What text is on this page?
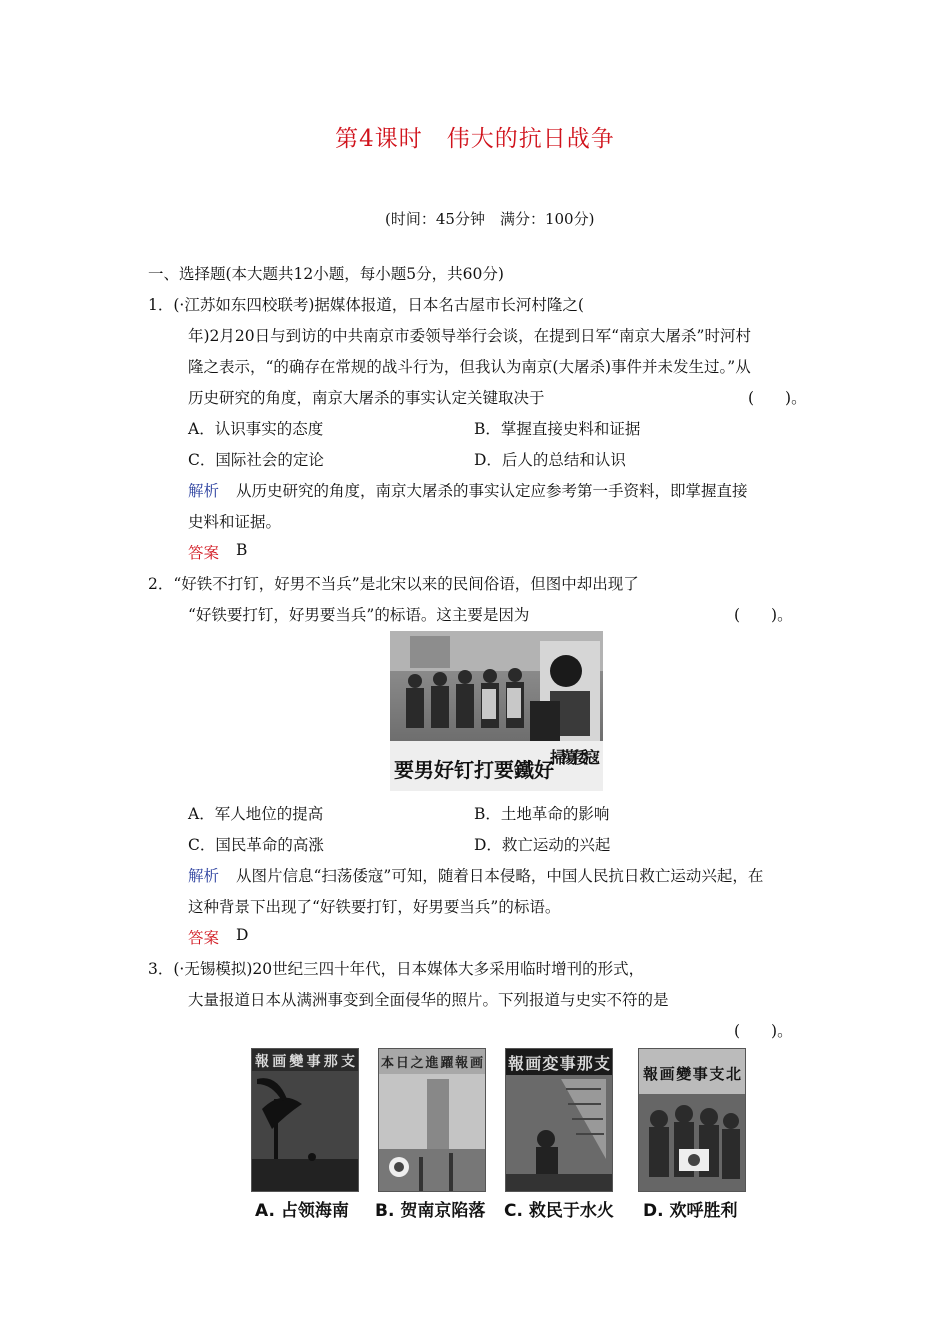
第4课时　伟大的抗日战争
(时间：45分钟　满分：100分)
一、选择题(本大题共12小题，每小题5分，共60分)
1．(·江苏如东四校联考)据媒体报道，日本名古屋市长河村隆之(
年)2月20日与到访的中共南京市委领导举行会谈，在提到日军“南京大屠杀”时河村
隆之表示，“的确存在常规的战斗行为，但我认为南京(大屠杀)事件并未发生过。”从
历史研究的角度，南京大屠杀的事实认定关键取决于	(　　)。
A．认识事实的态度	B．掌握直接史料和证据
C．国际社会的定论	D．后人的总结和认识
解析 从历史研究的角度，南京大屠杀的事实认定应参考第一手资料，即掌握直接
史料和证据。
答案 B
2．“好铁不打钉，好男不当兵”是北宋以来的民间俗语，但图中却出现了
“好铁要打钉，好男要当兵”的标语。这主要是因为	(　　)。
要男好钉打要鐵好
掃蕩倭寇
A．军人地位的提高	B．土地革命的影响
C．国民革命的高涨	D．救亡运动的兴起
解析 从图片信息“扫荡倭寇”可知，随着日本侵略，中国人民抗日救亡运动兴起，在
这种背景下出现了“好铁要打钉，好男要当兵”的标语。
答案 D
3．(·无锡模拟)20世纪三四十年代，日本媒体大多采用临时增刊的形式，
大量报道日本从满洲事变到全面侵华的照片。下列报道与史实不符的是
(　　)。
報画變事那支 本日之進躍報画 報画変事那支
報画變事支北
A. 占领海南 B. 贺南京陷落 C. 救民于水火 D. 欢呼胜利
